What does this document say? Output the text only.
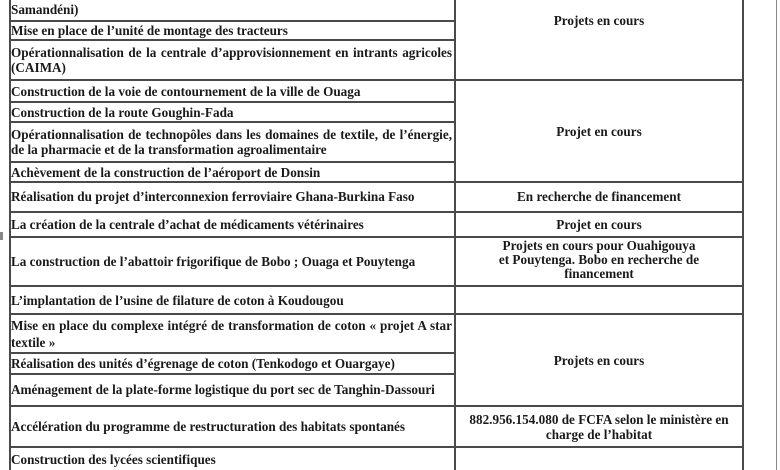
Samandéni)
Mise en place de l’unité de montage des tracteurs
Opérationnalisation de la centrale d’approvisionnement en intrants agricoles (CAIMA)
Construction de la voie de contournement de la ville de Ouaga
Construction de la route Goughin-Fada
Opérationnalisation de technopôles dans les domaines de textile, de l’énergie, de la pharmacie et de la transformation agroalimentaire
Achèvement de la construction de l’aéroport de Donsin
Réalisation du projet d’interconnexion ferroviaire Ghana-Burkina Faso
La création de la centrale d’achat de médicaments vétérinaires
La construction de l’abattoir frigorifique de Bobo ; Ouaga et Pouytenga
L’implantation de l’usine de filature de coton à Koudougou
Mise en place du complexe intégré de transformation de coton « projet A star textile »
Réalisation des unités d’égrenage de coton (Tenkodogo et Ouargaye)
Aménagement de la plate-forme logistique du port sec de Tanghin-Dassouri
Accélération du programme de restructuration des habitats spontanés
Construction des lycées scientifiques
Projets en cours
Projet en cours
En recherche de financement
Projet en cours
Projets en cours pour Ouahigouya et Pouytenga. Bobo en recherche de financement
Projets en cours
882.956.154.080 de FCFA selon le ministère en charge de l’habitat
